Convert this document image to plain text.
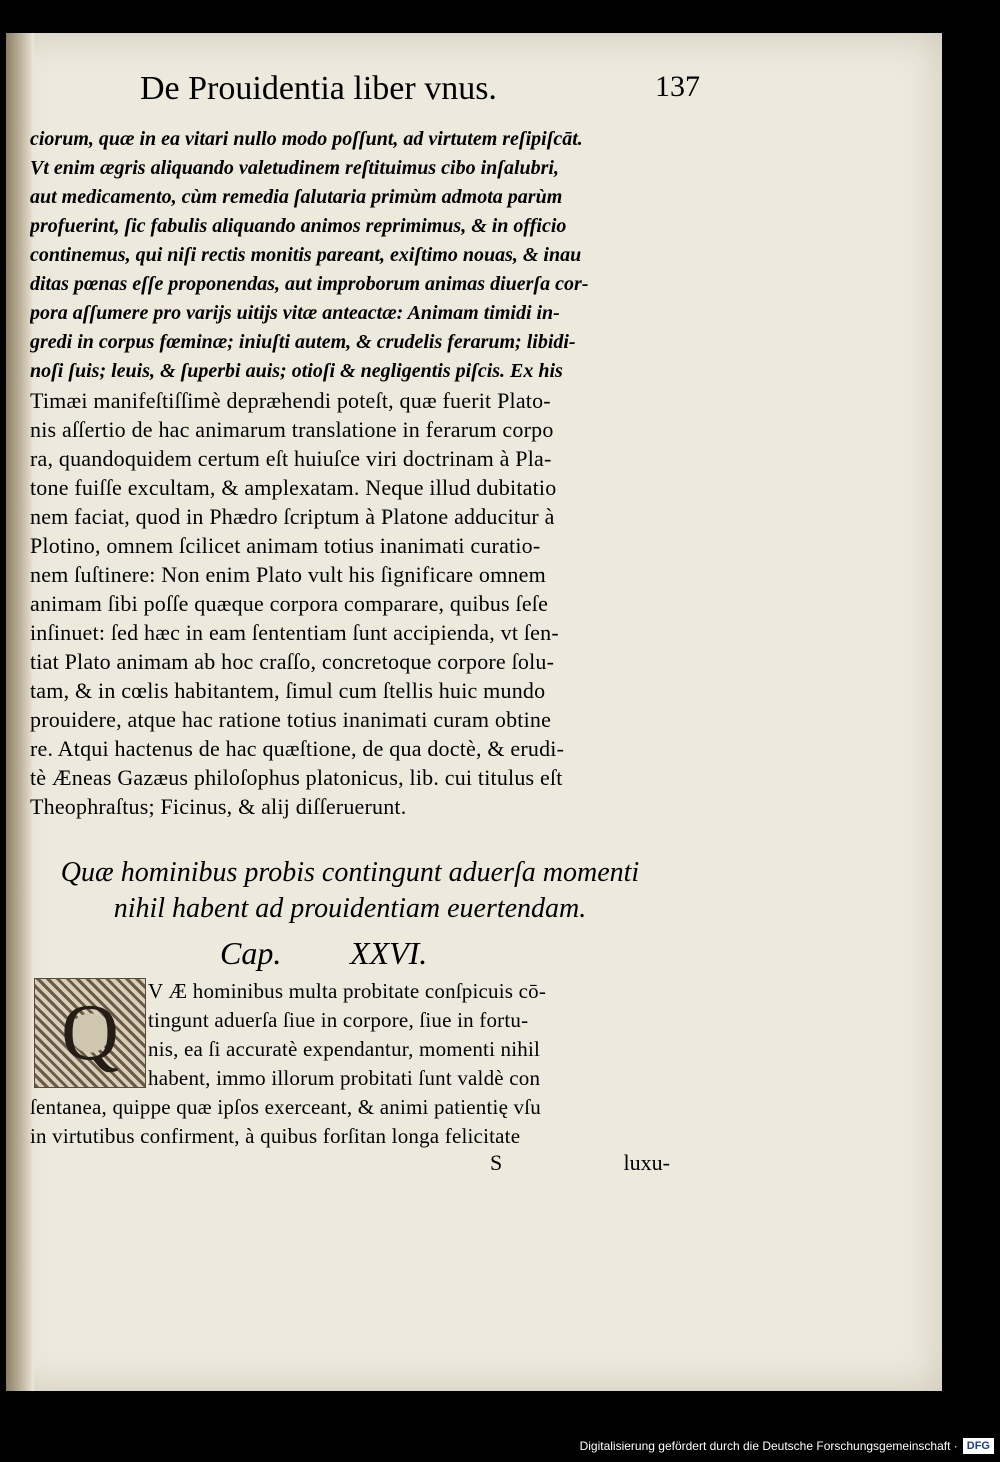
De Prouidentia liber vnus.	137
ciorum, quæ in ea vitari nullo modo poſſunt, ad virtutem reſipiſcāt.
Vt enim ægris aliquando valetudinem reſtituimus cibo inſalubri,
aut medicamento, cùm remedia ſalutaria primùm admota parùm
profuerint, ſic fabulis aliquando animos reprimimus, & in officio
continemus, qui niſi rectis monitis pareant, exiſtimo nouas, & inau
ditas pœnas eſſe proponendas, aut improborum animas diuerſa cor-
pora aſſumere pro varijs uitijs vitæ anteactæ: Animam timidi in-
gredi in corpus fœminæ; iniuſti autem, & crudelis ferarum; libidi-
noſi ſuis; leuis, & ſuperbi auis; otioſi & negligentis piſcis. Ex his
Timæi manifeſtiſſimè depræhendi poteſt, quæ fuerit Plato-
nis aſſertio de hac animarum translatione in ferarum corpo
ra, quandoquidem certum eſt huiuſce viri doctrinam à Pla-
tone fuiſſe excultam, & amplexatam. Neque illud dubitatio
nem faciat, quod in Phædro ſcriptum à Platone adducitur à
Plotino, omnem ſcilicet animam totius inanimati curatio-
nem ſuſtinere: Non enim Plato vult his ſignificare omnem
animam ſibi poſſe quæque corpora comparare, quibus ſeſe
inſinuet: ſed hæc in eam ſententiam ſunt accipienda, vt ſen-
tiat Plato animam ab hoc craſſo, concretoque corpore ſolu-
tam, & in cœlis habitantem, ſimul cum ſtellis huic mundo
prouidere, atque hac ratione totius inanimati curam obtine
re. Atqui hactenus de hac quæſtione, de qua doctè, & erudi-
tè Æneas Gazæus philoſophus platonicus, lib. cui titulus eſt
Theophraſtus; Ficinus, & alij diſſeruerunt.
Quæ hominibus probis contingunt aduerſa momenti
nihil habent ad prouidentiam euertendam.
Cap. XXVI.
Q	V Æ hominibus multa probitate conſpicuis cō-
tingunt aduerſa ſiue in corpore, ſiue in fortu-
nis, ea ſi accuratè expendantur, momenti nihil
habent, immo illorum probitati ſunt valdè con
ſentanea, quippe quæ ipſos exerceant, & animi patientię vſu
in virtutibus confirment, à quibus forſitan longa felicitate
S	luxu-
Digitalisierung gefördert durch die Deutsche Forschungsgemeinschaft · DFG
